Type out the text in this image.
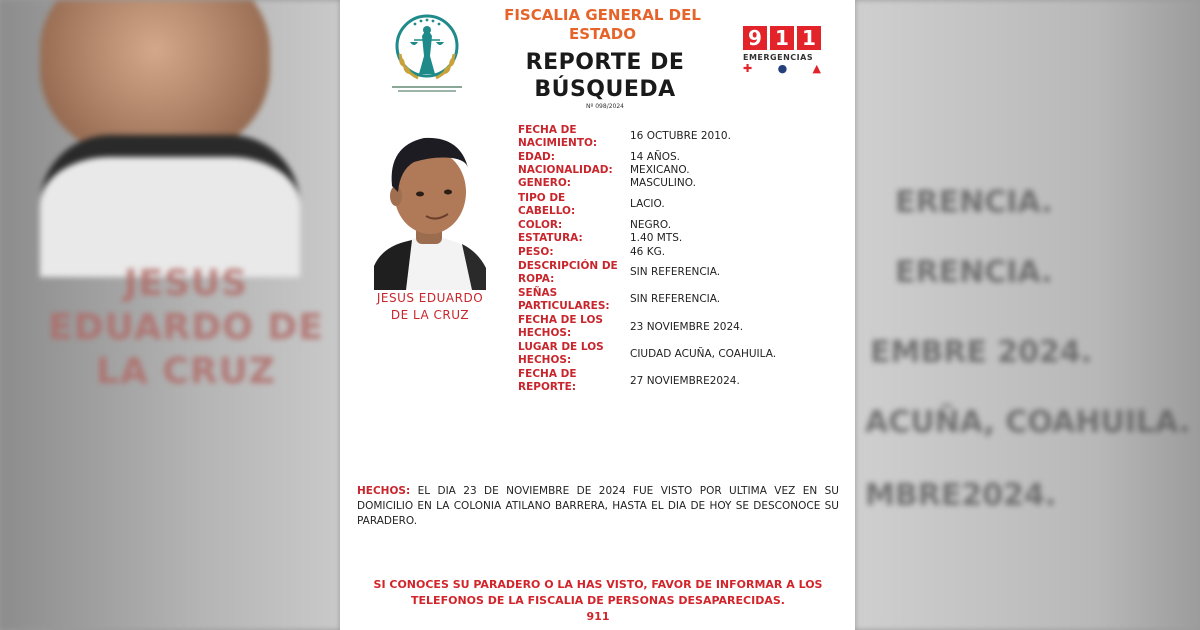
JESUS EDUARDO DE LA CRUZ
ERENCIA.
ERENCIA.
EMBRE 2024.
ACUÑA, COAHUILA.
MBRE2024.
FISCALIA GENERAL DEL ESTADO
REPORTE DE
BÚSQUEDA
Nº 098/2024
9 1 1
EMERGENCIAS
✚ ● ▲
JESUS EDUARDO
DE LA CRUZ
FECHA DE NACIMIENTO:
16 OCTUBRE 2010.
EDAD:	14 AÑOS.
NACIONALIDAD:	MEXICANO.
GENERO:	MASCULINO.
TIPO DE CABELLO:
LACIO.
COLOR:	NEGRO.
ESTATURA:	1.40 MTS.
PESO:	46 KG.
DESCRIPCIÓN DE ROPA:
SIN REFERENCIA.
SEÑAS PARTICULARES:
SIN REFERENCIA.
FECHA DE LOS HECHOS:	23 NOVIEMBRE 2024.
LUGAR DE LOS HECHOS:	CIUDAD ACUÑA, COAHUILA.
FECHA DE REPORTE:	27 NOVIEMBRE2024.
HECHOS: EL DIA 23 DE NOVIEMBRE DE 2024 FUE VISTO POR ULTIMA VEZ EN SU DOMICILIO EN LA COLONIA ATILANO BARRERA, HASTA EL DIA DE HOY SE DESCONOCE SU PARADERO.
SI CONOCES SU PARADERO O LA HAS VISTO, FAVOR DE INFORMAR A LOS TELEFONOS DE LA FISCALIA DE PERSONAS DESAPARECIDAS.
911
